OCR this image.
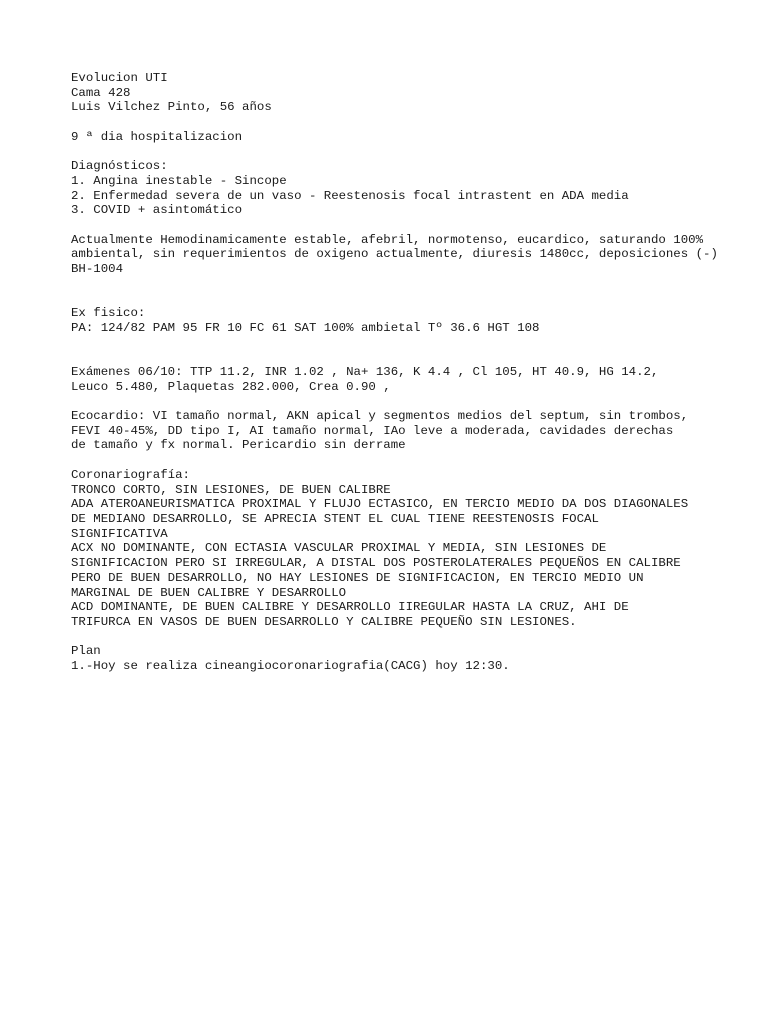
Evolucion UTI
Cama 428
Luis Vilchez Pinto, 56 años
9 ª dia hospitalizacion
Diagnósticos:
1. Angina inestable - Sincope
2. Enfermedad severa de un vaso - Reestenosis focal intrastent en ADA media
3. COVID + asintomático
Actualmente Hemodinamicamente estable, afebril, normotenso, eucardico, saturando 100% ambiental, sin requerimientos de oxigeno actualmente, diuresis 1480cc, deposiciones (-) BH-1004
Ex fisico:
PA: 124/82 PAM 95 FR 10 FC 61 SAT 100% ambietal Tº 36.6 HGT 108
Exámenes 06/10: TTP 11.2, INR 1.02 , Na+ 136, K 4.4 , Cl 105, HT 40.9, HG 14.2,
Leuco 5.480, Plaquetas 282.000, Crea 0.90 ,
Ecocardio: VI tamaño normal, AKN apical y segmentos medios del septum, sin trombos,
FEVI 40-45%, DD tipo I, AI tamaño normal, IAo leve a moderada, cavidades derechas
de tamaño y fx normal. Pericardio sin derrame
Coronariografía:
TRONCO CORTO, SIN LESIONES, DE BUEN CALIBRE
ADA ATEROANEURISMATICA PROXIMAL Y FLUJO ECTASICO, EN TERCIO MEDIO DA DOS DIAGONALES
DE MEDIANO DESARROLLO, SE APRECIA STENT EL CUAL TIENE REESTENOSIS FOCAL
SIGNIFICATIVA
ACX NO DOMINANTE, CON ECTASIA VASCULAR PROXIMAL Y MEDIA, SIN LESIONES DE
SIGNIFICACION PERO SI IRREGULAR, A DISTAL DOS POSTEROLATERALES PEQUEÑOS EN CALIBRE
PERO DE BUEN DESARROLLO, NO HAY LESIONES DE SIGNIFICACION, EN TERCIO MEDIO UN
MARGINAL DE BUEN CALIBRE Y DESARROLLO
ACD DOMINANTE, DE BUEN CALIBRE Y DESARROLLO IIREGULAR HASTA LA CRUZ, AHI DE
TRIFURCA EN VASOS DE BUEN DESARROLLO Y CALIBRE PEQUEÑO SIN LESIONES.
Plan
1.-Hoy se realiza cineangiocoronariografia(CACG) hoy 12:30.
